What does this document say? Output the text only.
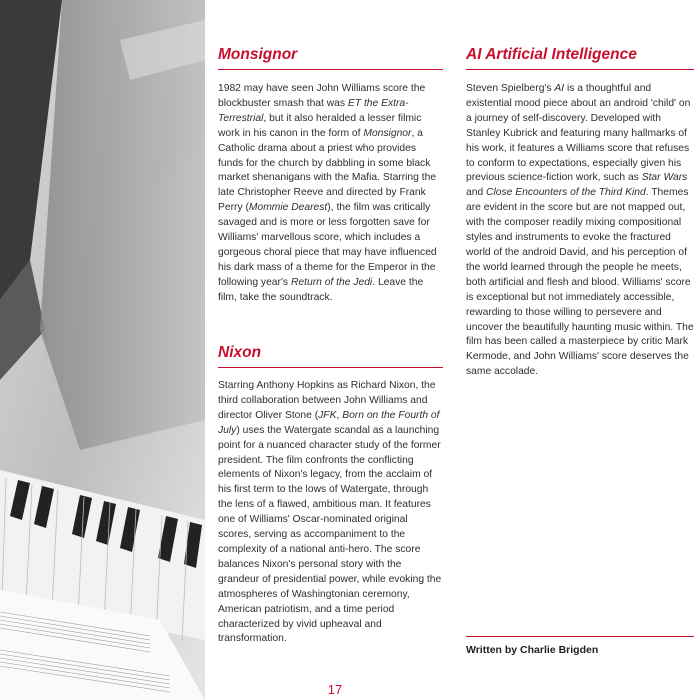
Monsignor

1982 may have seen John Williams score the blockbuster smash that was ET the Extra-Terrestrial, but it also heralded a lesser filmic work in his canon in the form of Monsignor, a Catholic drama about a priest who provides funds for the church by dabbling in some black market shenanigans with the Mafia. Starring the late Christopher Reeve and directed by Frank Perry (Mommie Dearest), the film was critically savaged and is more or less forgotten save for Williams' marvellous score, which includes a gorgeous choral piece that may have influenced his dark mass of a theme for the Emperor in the following year's Return of the Jedi. Leave the film, take the soundtrack.

Nixon

Starring Anthony Hopkins as Richard Nixon, the third collaboration between John Williams and director Oliver Stone (JFK, Born on the Fourth of July) uses the Watergate scandal as a launching point for a nuanced character study of the former president. The film confronts the conflicting elements of Nixon's legacy, from the acclaim of his first term to the lows of Watergate, through the lens of a flawed, ambitious man. It features one of Williams' Oscar-nominated original scores, serving as accompaniment to the complexity of a national anti-hero. The score balances Nixon's personal story with the grandeur of presidential power, while evoking the atmospheres of Washingtonian ceremony, American patriotism, and a time period characterized by vivid upheaval and transformation.

AI Artificial Intelligence

Steven Spielberg's AI is a thoughtful and existential mood piece about an android 'child' on a journey of self-discovery. Developed with Stanley Kubrick and featuring many hallmarks of his work, it features a Williams score that refuses to conform to expectations, especially given his previous science-fiction work, such as Star Wars and Close Encounters of the Third Kind. Themes are evident in the score but are not mapped out, with the composer readily mixing compositional styles and instruments to evoke the fractured world of the android David, and his perception of the world learned through the people he meets, both artificial and flesh and blood. Williams' score is exceptional but not immediately accessible, rewarding to those willing to persevere and uncover the beautifully haunting music within. The film has been called a masterpiece by critic Mark Kermode, and John Williams' score deserves the same accolade.

Written by Charlie Brigden
17
